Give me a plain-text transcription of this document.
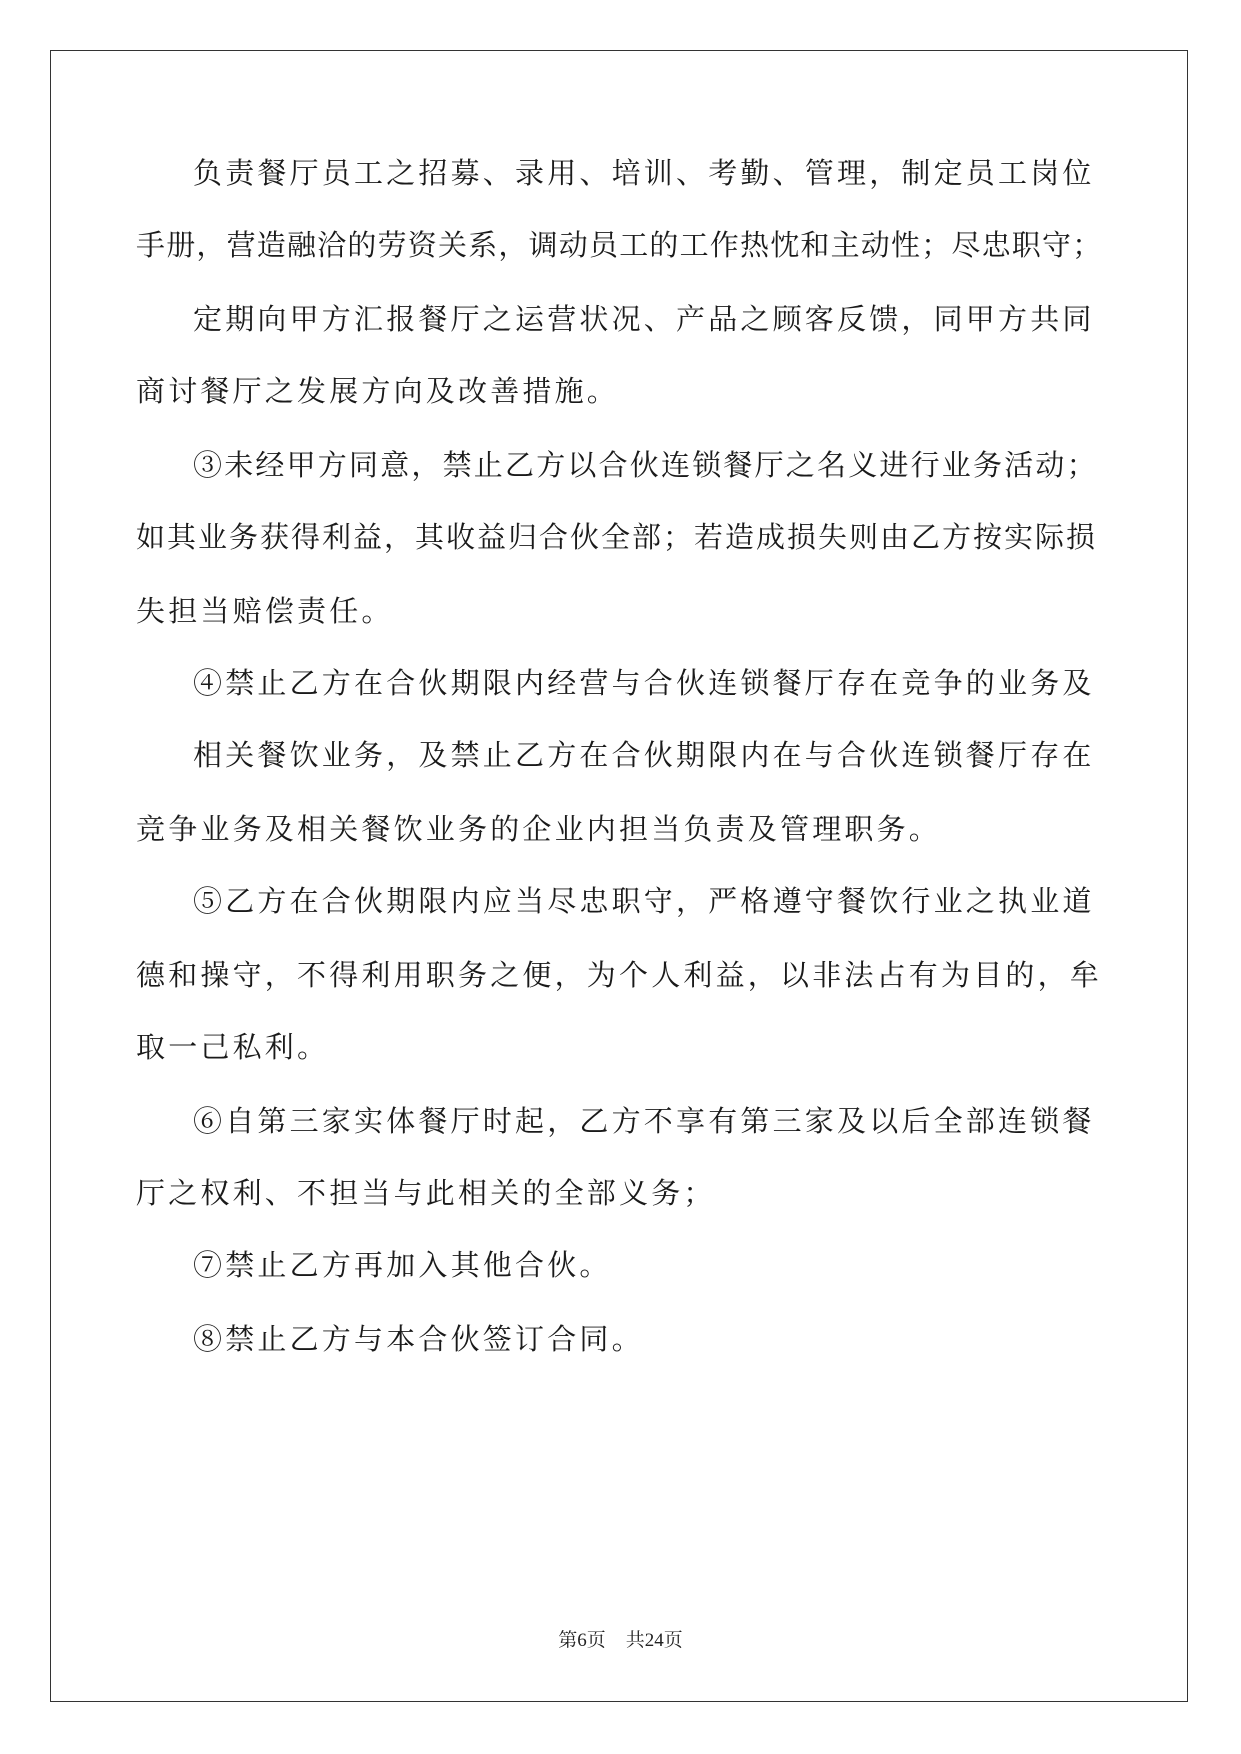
负责餐厅员工之招募、录用、培训、考勤、管理，制定员工岗位
手册，营造融洽的劳资关系，调动员工的工作热忱和主动性；尽忠职守；
定期向甲方汇报餐厅之运营状况、产品之顾客反馈，同甲方共同
商讨餐厅之发展方向及改善措施。
③未经甲方同意，禁止乙方以合伙连锁餐厅之名义进行业务活动；
如其业务获得利益，其收益归合伙全部；若造成损失则由乙方按实际损
失担当赔偿责任。
④禁止乙方在合伙期限内经营与合伙连锁餐厅存在竞争的业务及
相关餐饮业务，及禁止乙方在合伙期限内在与合伙连锁餐厅存在
竞争业务及相关餐饮业务的企业内担当负责及管理职务。
⑤乙方在合伙期限内应当尽忠职守，严格遵守餐饮行业之执业道
德和操守，不得利用职务之便，为个人利益，以非法占有为目的，牟
取一己私利。
⑥自第三家实体餐厅时起，乙方不享有第三家及以后全部连锁餐
厅之权利、不担当与此相关的全部义务；
⑦禁止乙方再加入其他合伙。
⑧禁止乙方与本合伙签订合同。
第6页 共24页
